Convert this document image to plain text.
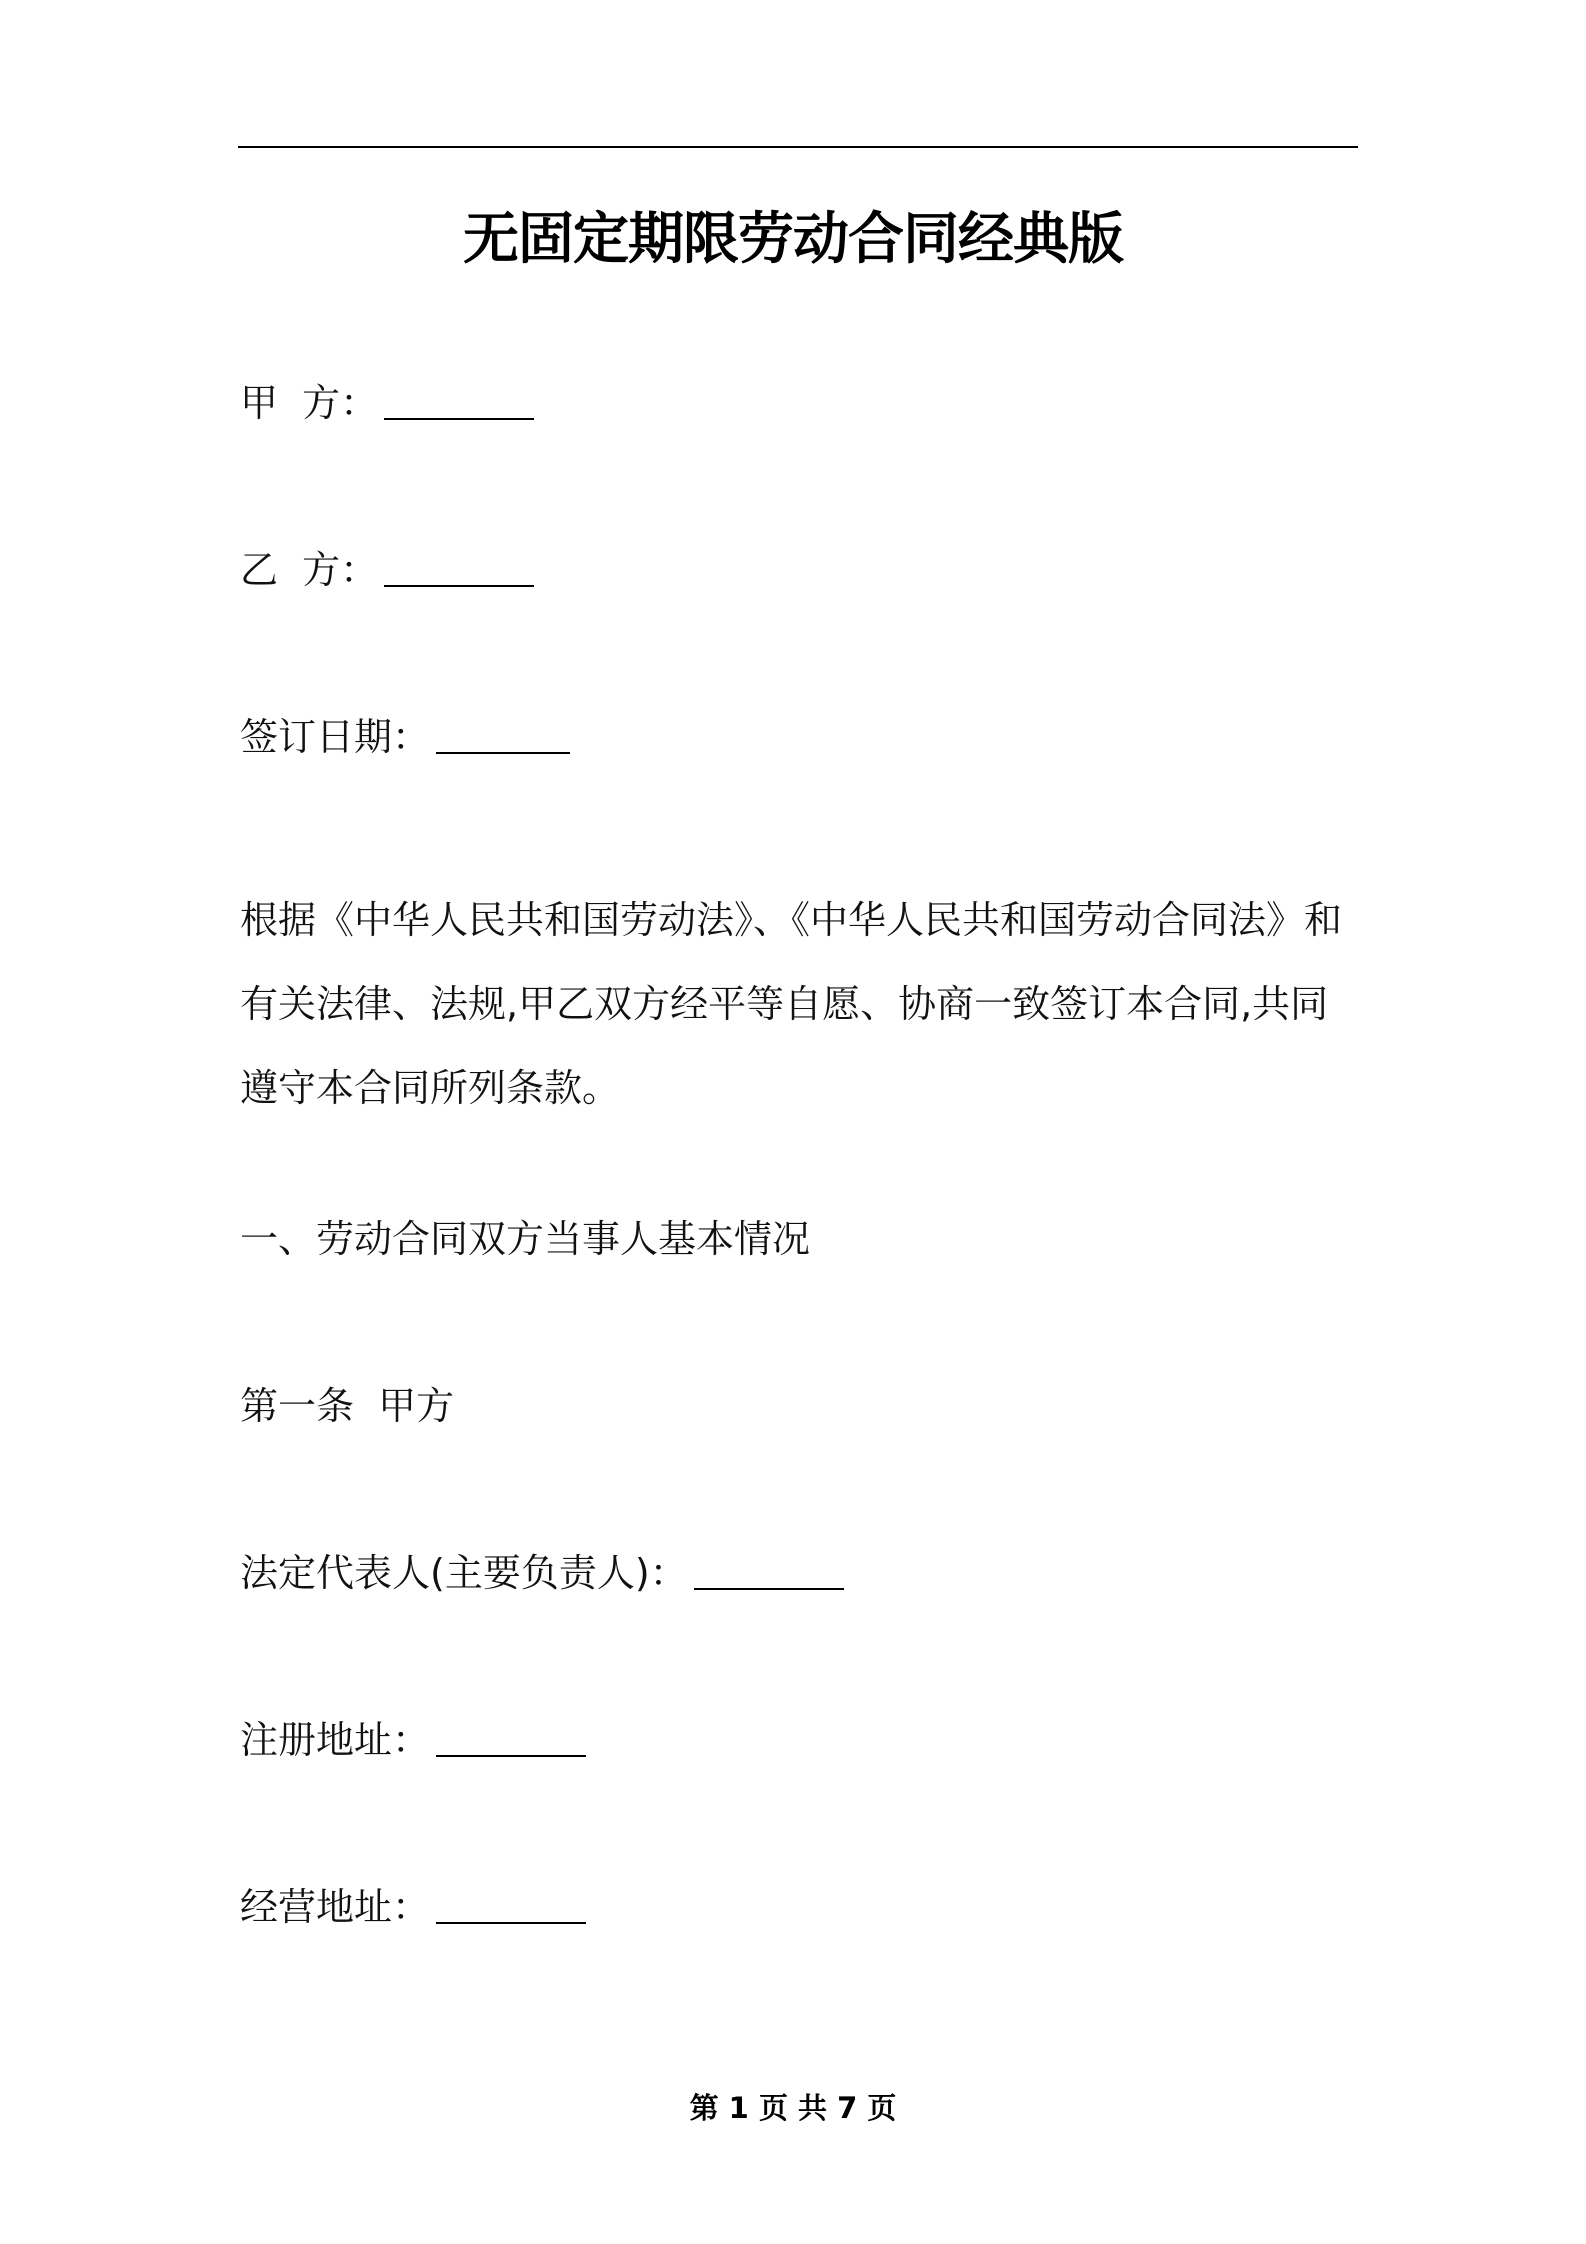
无固定期限劳动合同经典版
甲  方：
乙  方：
签订日期：
根据《中华人民共和国劳动法》、《中华人民共和国劳动合同法》和有关法律、法规,甲乙双方经平等自愿、协商一致签订本合同,共同遵守本合同所列条款。
一、劳动合同双方当事人基本情况
第一条  甲方
法定代表人(主要负责人)：
注册地址：
经营地址：
第 1 页 共 7 页
